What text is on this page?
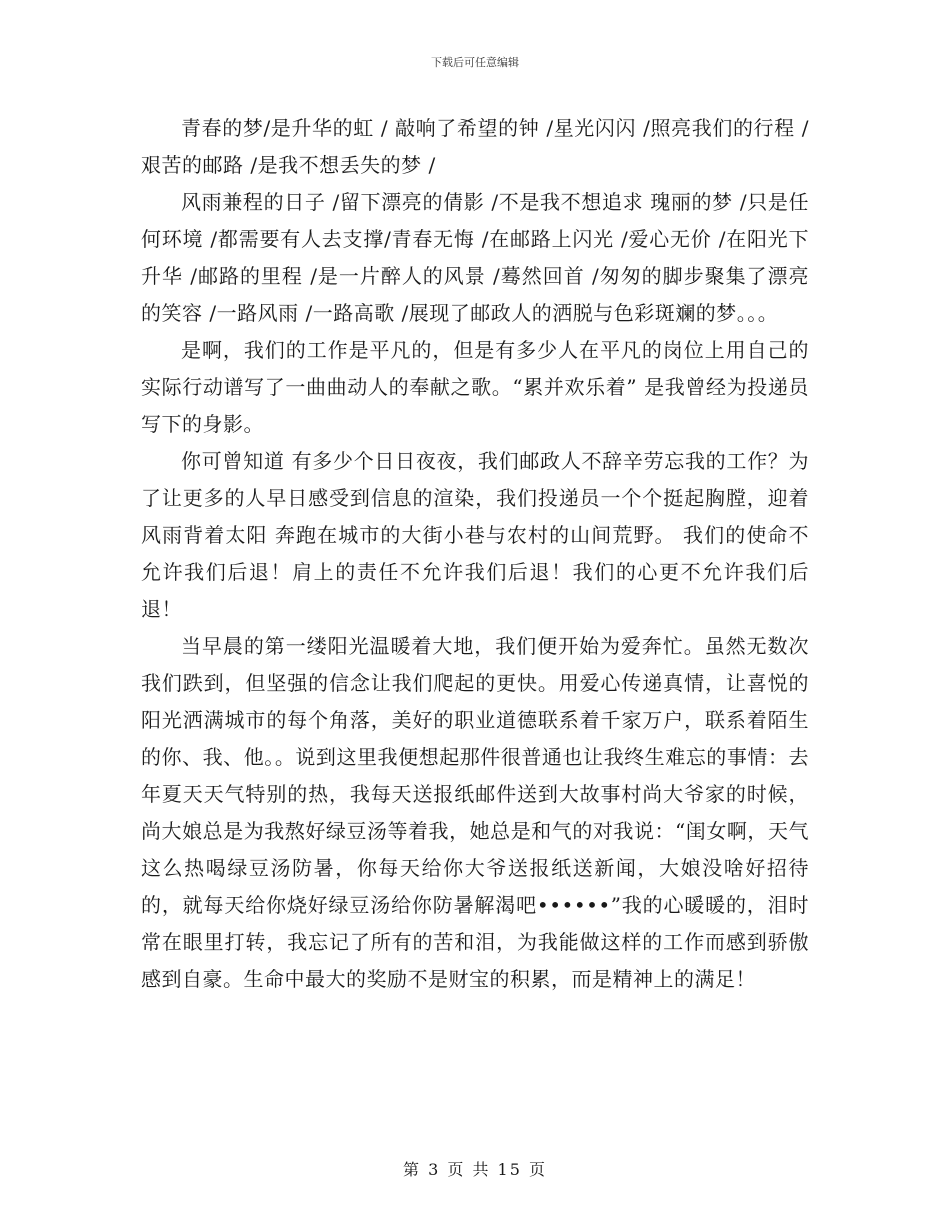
下载后可任意编辑

青春的梦/是升华的虹 / 敲响了希望的钟 /星光闪闪 /照亮我们的行程 /艰苦的邮路 /是我不想丢失的梦 /

风雨兼程的日子 /留下漂亮的倩影 /不是我不想追求 瑰丽的梦 /只是任何环境 /都需要有人去支撑/青春无悔 /在邮路上闪光 /爱心无价 /在阳光下升华 /邮路的里程 /是一片醉人的风景 /蓦然回首 /匆匆的脚步聚集了漂亮的笑容 /一路风雨 /一路高歌 /展现了邮政人的洒脱与色彩斑斓的梦。。。

是啊，我们的工作是平凡的，但是有多少人在平凡的岗位上用自己的实际行动谱写了一曲曲动人的奉献之歌。“累并欢乐着” 是我曾经为投递员写下的身影。

你可曾知道 有多少个日日夜夜，我们邮政人不辞辛劳忘我的工作？为了让更多的人早日感受到信息的渲染，我们投递员一个个挺起胸膛，迎着风雨背着太阳 奔跑在城市的大街小巷与农村的山间荒野。 我们的使命不允许我们后退！肩上的责任不允许我们后退！我们的心更不允许我们后退！

当早晨的第一缕阳光温暖着大地，我们便开始为爱奔忙。虽然无数次我们跌到，但坚强的信念让我们爬起的更快。用爱心传递真情，让喜悦的阳光洒满城市的每个角落，美好的职业道德联系着千家万户，联系着陌生的你、我、他。。说到这里我便想起那件很普通也让我终生难忘的事情：去年夏天天气特别的热，我每天送报纸邮件送到大故事村尚大爷家的时候，尚大娘总是为我熬好绿豆汤等着我，她总是和气的对我说：“闺女啊，天气这么热喝绿豆汤防暑，你每天给你大爷送报纸送新闻，大娘没啥好招待的，就每天给你烧好绿豆汤给你防暑解渴吧••••••”我的心暖暖的，泪时常在眼里打转，我忘记了所有的苦和泪，为我能做这样的工作而感到骄傲感到自豪。生命中最大的奖励不是财宝的积累，而是精神上的满足！

第 3 页 共 15 页
